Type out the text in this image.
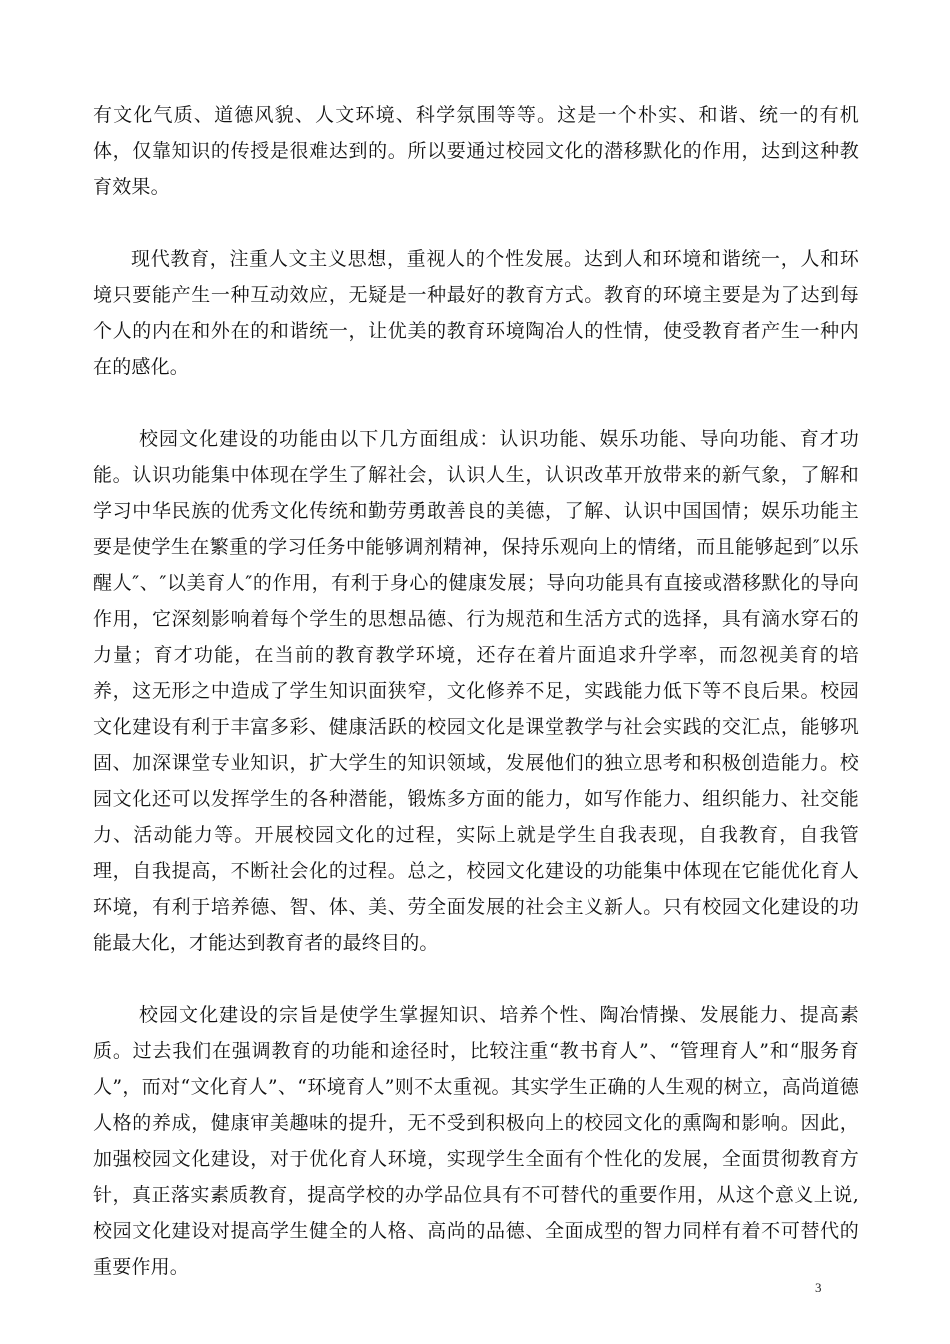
有文化气质、道德风貌、人文环境、科学氛围等等。这是一个朴实、和谐、统一的有机体，仅靠知识的传授是很难达到的。所以要通过校园文化的潜移默化的作用，达到这种教育效果。

现代教育，注重人文主义思想，重视人的个性发展。达到人和环境和谐统一，人和环境只要能产生一种互动效应，无疑是一种最好的教育方式。教育的环境主要是为了达到每个人的内在和外在的和谐统一，让优美的教育环境陶冶人的性情，使受教育者产生一种内在的感化。

校园文化建设的功能由以下几方面组成：认识功能、娱乐功能、导向功能、育才功能。认识功能集中体现在学生了解社会，认识人生，认识改革开放带来的新气象，了解和学习中华民族的优秀文化传统和勤劳勇敢善良的美德，了解、认识中国国情；娱乐功能主要是使学生在繁重的学习任务中能够调剂精神，保持乐观向上的情绪，而且能够起到″以乐醒人″、″以美育人″的作用，有利于身心的健康发展；导向功能具有直接或潜移默化的导向作用，它深刻影响着每个学生的思想品德、行为规范和生活方式的选择，具有滴水穿石的力量；育才功能，在当前的教育教学环境，还存在着片面追求升学率，而忽视美育的培养，这无形之中造成了学生知识面狭窄，文化修养不足，实践能力低下等不良后果。校园文化建设有利于丰富多彩、健康活跃的校园文化是课堂教学与社会实践的交汇点，能够巩固、加深课堂专业知识，扩大学生的知识领域，发展他们的独立思考和积极创造能力。校园文化还可以发挥学生的各种潜能，锻炼多方面的能力，如写作能力、组织能力、社交能力、活动能力等。开展校园文化的过程，实际上就是学生自我表现，自我教育，自我管理，自我提高，不断社会化的过程。总之，校园文化建设的功能集中体现在它能优化育人环境，有利于培养德、智、体、美、劳全面发展的社会主义新人。只有校园文化建设的功能最大化，才能达到教育者的最终目的。

校园文化建设的宗旨是使学生掌握知识、培养个性、陶冶情操、发展能力、提高素质。过去我们在强调教育的功能和途径时，比较注重“教书育人”、“管理育人”和“服务育人”，而对“文化育人”、“环境育人”则不太重视。其实学生正确的人生观的树立，高尚道德人格的养成，健康审美趣味的提升，无不受到积极向上的校园文化的熏陶和影响。因此，加强校园文化建设，对于优化育人环境，实现学生全面有个性化的发展，全面贯彻教育方针，真正落实素质教育，提高学校的办学品位具有不可替代的重要作用，从这个意义上说,校园文化建设对提高学生健全的人格、高尚的品德、全面成型的智力同样有着不可替代的重要作用。

3
